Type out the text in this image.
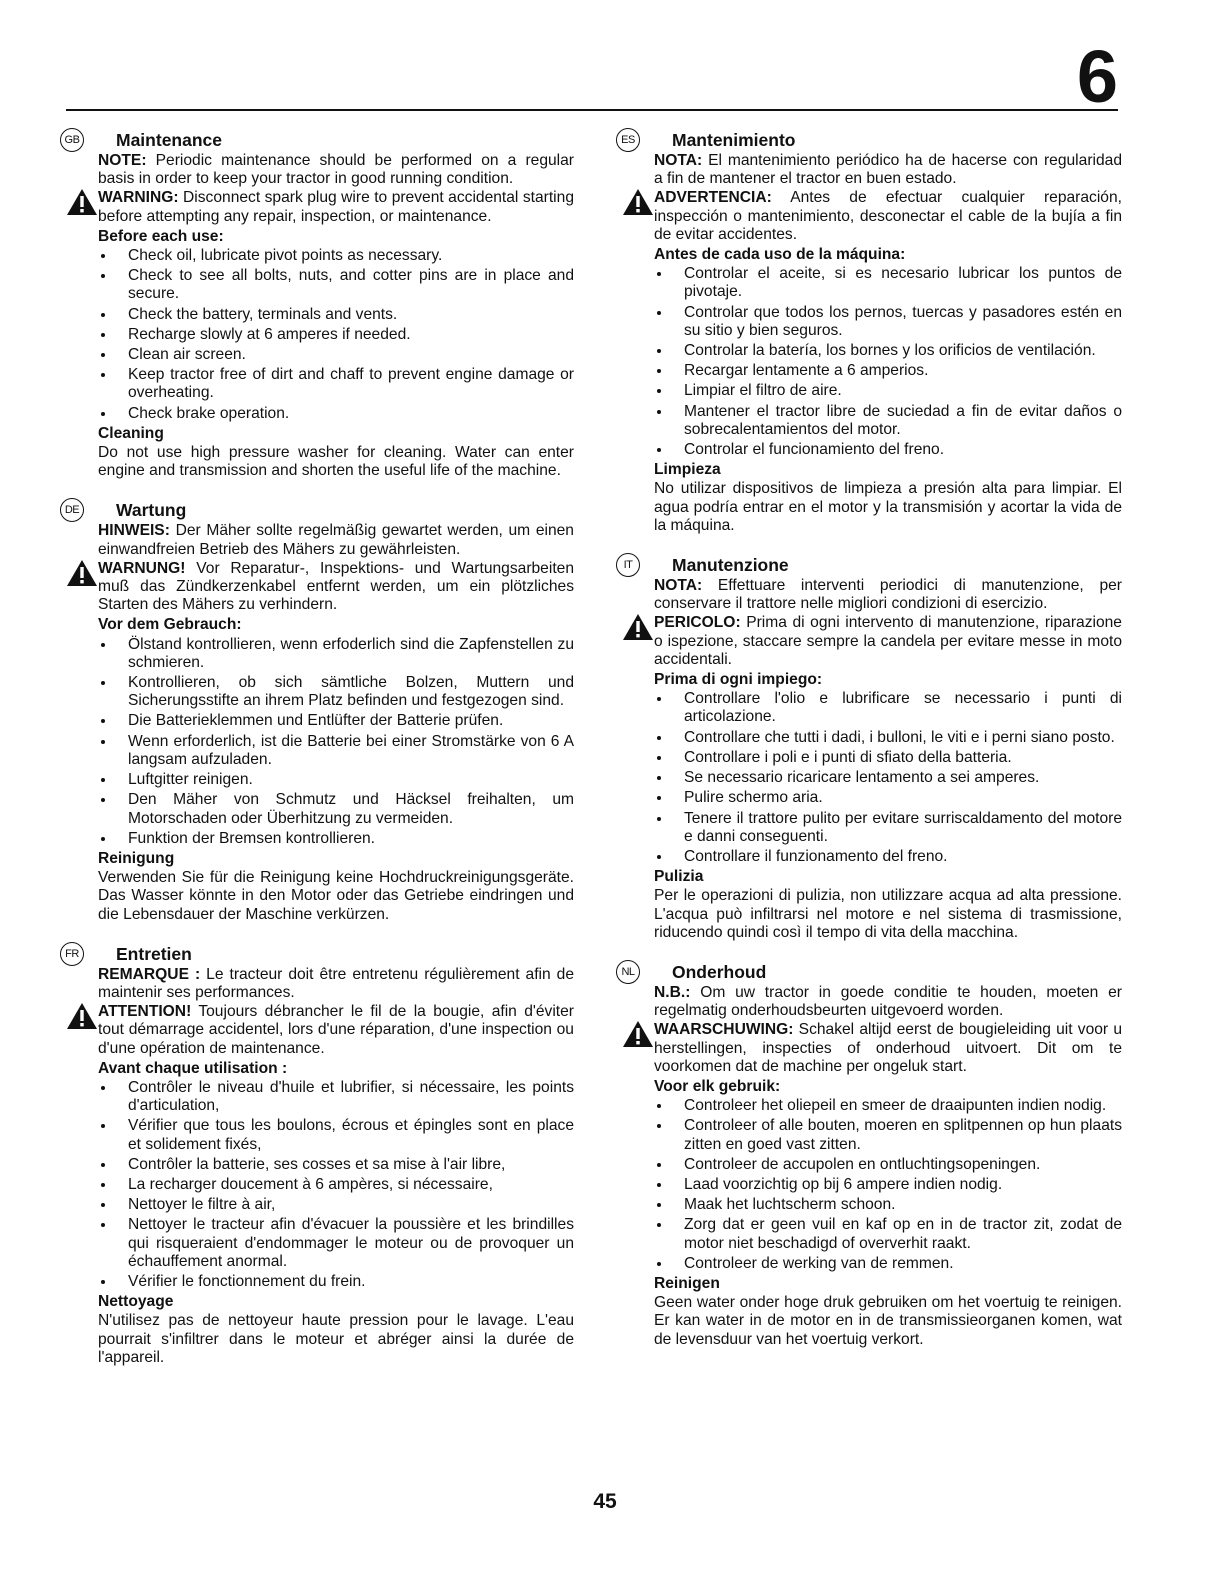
6
GB Maintenance

NOTE: Periodic maintenance should be performed on a regular basis in order to keep your tractor in good running condition.

WARNING: Disconnect spark plug wire to prevent accidental starting before attempting any repair, inspection, or maintenance.

Before each use:
Check oil, lubricate pivot points as necessary.
Check to see all bolts, nuts, and cotter pins are in place and secure.
Check the battery, terminals and vents.
Recharge slowly at 6 amperes if needed.
Clean air screen.
Keep tractor free of dirt and chaff to prevent engine damage or overheating.
Check brake operation.
Cleaning

Do not use high pressure washer for cleaning. Water can enter engine and transmission and shorten the useful life of the machine.

DE Wartung

HINWEIS: Der Mäher sollte regelmäßig gewartet werden, um einen einwandfreien Betrieb des Mähers zu gewährleisten.

WARNUNG! Vor Reparatur-, Inspektions- und Wartungsarbeiten muß das Zündkerzenkabel entfernt werden, um ein plötzliches Starten des Mähers zu verhindern.

Vor dem Gebrauch:
Ölstand kontrollieren, wenn erfoderlich sind die Zapfenstellen zu schmieren.
Kontrollieren, ob sich sämtliche Bolzen, Muttern und Sicherungsstifte an ihrem Platz befinden und festgezogen sind.
Die Batterieklemmen und Entlüfter der Batterie prüfen.
Wenn erforderlich, ist die Batterie bei einer Stromstärke von 6 A langsam aufzuladen.
Luftgitter reinigen.
Den Mäher von Schmutz und Häcksel freihalten, um Motorschaden oder Überhitzung zu vermeiden.
Funktion der Bremsen kontrollieren.
Reinigung

Verwenden Sie für die Reinigung keine Hochdruckreinigungsgeräte. Das Wasser könnte in den Motor oder das Getriebe eindringen und die Lebensdauer der Maschine verkürzen.

FR Entretien

REMARQUE : Le tracteur doit être entretenu régulièrement afin de maintenir ses performances.

ATTENTION! Toujours débrancher le fil de la bougie, afin d'éviter tout démarrage accidentel, lors d'une réparation, d'une inspection ou d'une opération de maintenance.

Avant chaque utilisation :
Contrôler le niveau d'huile et lubrifier, si nécessaire, les points d'articulation,
Vérifier que tous les boulons, écrous et épingles sont en place et solidement fixés,
Contrôler la batterie, ses cosses et sa mise à l'air libre,
La recharger doucement à 6 ampères, si nécessaire,
Nettoyer le filtre à air,
Nettoyer le tracteur afin d'évacuer la poussière et les brindilles qui risqueraient d'endommager le moteur ou de provoquer un échauffement anormal.
Vérifier le fonctionnement du frein.
Nettoyage

N'utilisez pas de nettoyeur haute pression pour le lavage. L'eau pourrait s'infiltrer dans le moteur et abréger ainsi la durée de l'appareil.

ES Mantenimiento

NOTA: El mantenimiento periódico ha de hacerse con regularidad a fin de mantener el tractor en buen estado.

ADVERTENCIA: Antes de efectuar cualquier reparación, inspección o mantenimiento, desconectar el cable de la bujía a fin de evitar accidentes.

Antes de cada uso de la máquina:
Controlar el aceite, si es necesario lubricar los puntos de pivotaje.
Controlar que todos los pernos, tuercas y pasadores estén en su sitio y bien seguros.
Controlar la batería, los bornes y los orificios de ventilación.
Recargar lentamente a 6 amperios.
Limpiar el filtro de aire.
Mantener el tractor libre de suciedad a fin de evitar daños o sobrecalentamientos del motor.
Controlar el funcionamiento del freno.
Limpieza

No utilizar dispositivos de limpieza a presión alta para limpiar. El agua podría entrar en el motor y la transmisión y acortar la vida de la máquina.

IT	Manutenzione

NOTA: Effettuare interventi periodici di manutenzione, per conservare il trattore nelle migliori condizioni di esercizio.

PERICOLO: Prima di ogni intervento di manutenzione, riparazione o ispezione, staccare sempre la candela per evitare messe in moto accidentali.

Prima di ogni impiego:
Controllare l'olio e lubrificare se necessario i punti di articolazione.
Controllare che tutti i dadi, i bulloni, le viti e i perni siano posto.
Controllare i poli e i punti di sfiato della batteria.
Se necessario ricaricare lentamento a sei amperes.
Pulire schermo aria.
Tenere il trattore pulito per evitare surriscaldamento del motore e danni conseguenti.
Controllare il funzionamento del freno.
Pulizia

Per le operazioni di pulizia, non utilizzare acqua ad alta pressione. L'acqua può infiltrarsi nel motore e nel sistema di trasmissione, riducendo quindi così il tempo di vita della macchina.

NL	Onderhoud

N.B.: Om uw tractor in goede conditie te houden, moeten er regelmatig onderhoudsbeurten uitgevoerd worden.

WAARSCHUWING: Schakel altijd eerst de bougieleiding uit voor u herstellingen, inspecties of onderhoud uitvoert. Dit om te voorkomen dat de machine per ongeluk start.

Voor elk gebruik:
Controleer het oliepeil en smeer de draaipunten indien nodig.
Controleer of alle bouten, moeren en splitpennen op hun plaats zitten en goed vast zitten.
Controleer de accupolen en ontluchtingsopeningen.
Laad voorzichtig op bij 6 ampere indien nodig.
Maak het luchtscherm schoon.
Zorg dat er geen vuil en kaf op en in de tractor zit, zodat de motor niet beschadigd of oververhit raakt.
Controleer de werking van de remmen.
Reinigen

Geen water onder hoge druk gebruiken om het voertuig te reinigen. Er kan water in de motor en in de transmissieorganen komen, wat de levensduur van het voertuig verkort.

45
